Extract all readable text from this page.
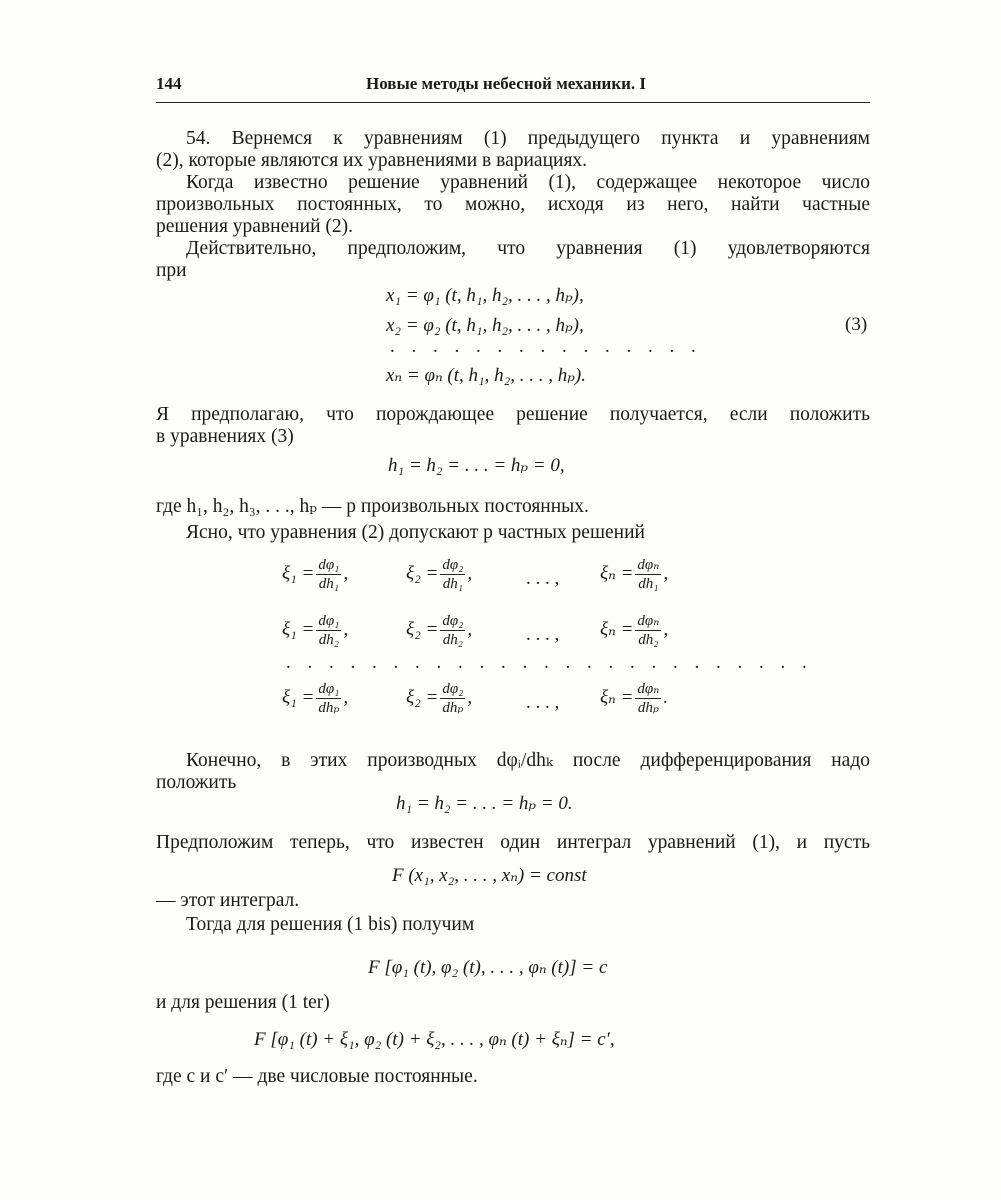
144	Новые методы небесной механики. I
54. Вернемся к уравнениям (1) предыдущего пункта и уравнениям
(2), которые являются их уравнениями в вариациях.
Когда известно решение уравнений (1), содержащее некоторое число
произвольных постоянных, то можно, исходя из него, найти частные
решения уравнений (2).
Действительно, предположим, что уравнения (1) удовлетворяются
при
x₁ = φ₁ (t, h₁, h₂, . . . , hₚ),
x₂ = φ₂ (t, h₁, h₂, . . . , hₚ),	(3)
. . . . . . . . . . . . . . .
xₙ = φₙ (t, h₁, h₂, . . . , hₚ).
Я предполагаю, что порождающее решение получается, если положить
в уравнениях (3)
h₁ = h₂ = . . . = hₚ = 0,
где h₁, h₂, h₃, . . ., hₚ — p произвольных постоянных.
Ясно, что уравнения (2) допускают p частных решений
$\xi_1 = \frac{\text{dφ₁}}{\text{dh₁}}$ ,	$\xi_2 = \frac{\text{dφ₂}}{\text{dh₁}}$ ,	. . . , $\xi_n = \frac{\text{dφₙ}}{\text{dh₁}}$ ,
$\xi_1 = \frac{\text{dφ₁}}{\text{dh₂}}$ ,	$\xi_2 = \frac{\text{dφ₂}}{\text{dh₂}}$ ,	. . . , $\xi_n = \frac{\text{dφₙ}}{\text{dh₂}}$ ,
. . . . . . . . . . . . . . . . . . . . . . . . .
$\xi_1 = \frac{\text{dφ₁}}{\text{dhₚ}}$ ,	$\xi_2 = \frac{\text{dφ₂}}{\text{dhₚ}}$ ,	. . . , $\xi_n = \frac{\text{dφₙ}}{\text{dhₚ}}$ .
Конечно, в этих производных dφᵢ/dhₖ после дифференцирования надо
положить
h₁ = h₂ = . . . = hₚ = 0.
Предположим теперь, что известен один интеграл уравнений (1), и пусть
F (x₁, x₂, . . . , xₙ) = const
— этот интеграл.
Тогда для решения (1 bis) получим
F [φ₁ (t), φ₂ (t), . . . , φₙ (t)] = c
и для решения (1 ter)
F [φ₁ (t) + ξ₁, φ₂ (t) + ξ₂, . . . , φₙ (t) + ξₙ] = c′,
где c и c′ — две числовые постоянные.
